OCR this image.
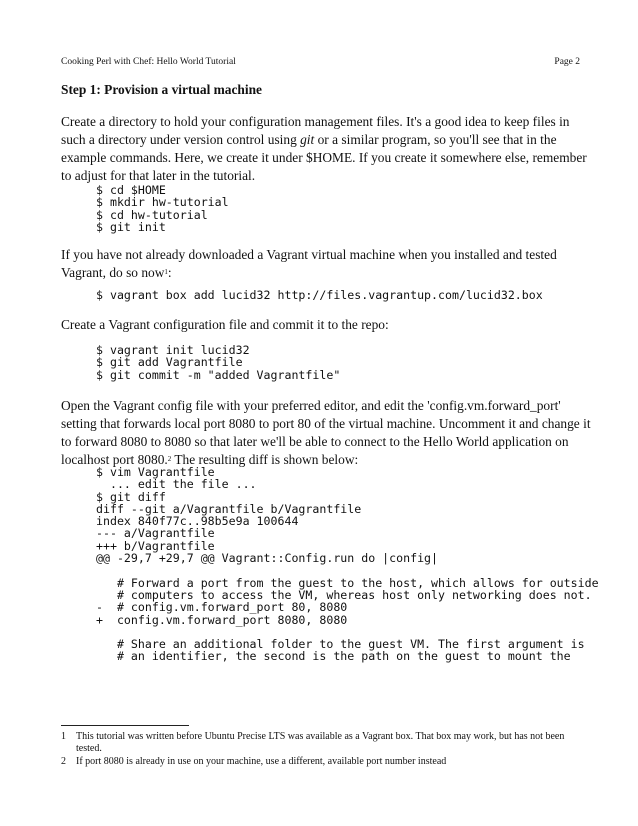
Cooking Perl with Chef: Hello World Tutorial	Page 2
Step 1: Provision a virtual machine
Create a directory to hold your configuration management files. It's a good idea to keep files in such a directory under version control using git or a similar program, so you'll see that in the example commands. Here, we create it under $HOME. If you create it somewhere else, remember to adjust for that later in the tutorial.
$ cd $HOME
$ mkdir hw-tutorial
$ cd hw-tutorial
$ git init
If you have not already downloaded a Vagrant virtual machine when you installed and tested Vagrant, do so now$^1$:
$ vagrant box add lucid32 http://files.vagrantup.com/lucid32.box
Create a Vagrant configuration file and commit it to the repo:
$ vagrant init lucid32
$ git add Vagrantfile
$ git commit -m "added Vagrantfile"
Open the Vagrant config file with your preferred editor, and edit the 'config.vm.forward_port' setting that forwards local port 8080 to port 80 of the virtual machine. Uncomment it and change it to forward 8080 to 8080 so that later we'll be able to connect to the Hello World application on localhost port 8080.$^2$ The resulting diff is shown below:
$ vim Vagrantfile
... edit the file ...
$ git diff
diff --git a/Vagrantfile b/Vagrantfile
index 840f77c..98b5e9a 100644
--- a/Vagrantfile
+++ b/Vagrantfile
@@ -29,7 +29,7 @@ Vagrant::Config.run do |config|

# Forward a port from the guest to the host, which allows for outside
# computers to access the VM, whereas host only networking does not.
-  # config.vm.forward_port 80, 8080
+  config.vm.forward_port 8080, 8080

# Share an additional folder to the guest VM. The first argument is
# an identifier, the second is the path on the guest to mount the
1 This tutorial was written before Ubuntu Precise LTS was available as a Vagrant box. That box may work, but has not been tested.
2 If port 8080 is already in use on your machine, use a different, available port number instead
